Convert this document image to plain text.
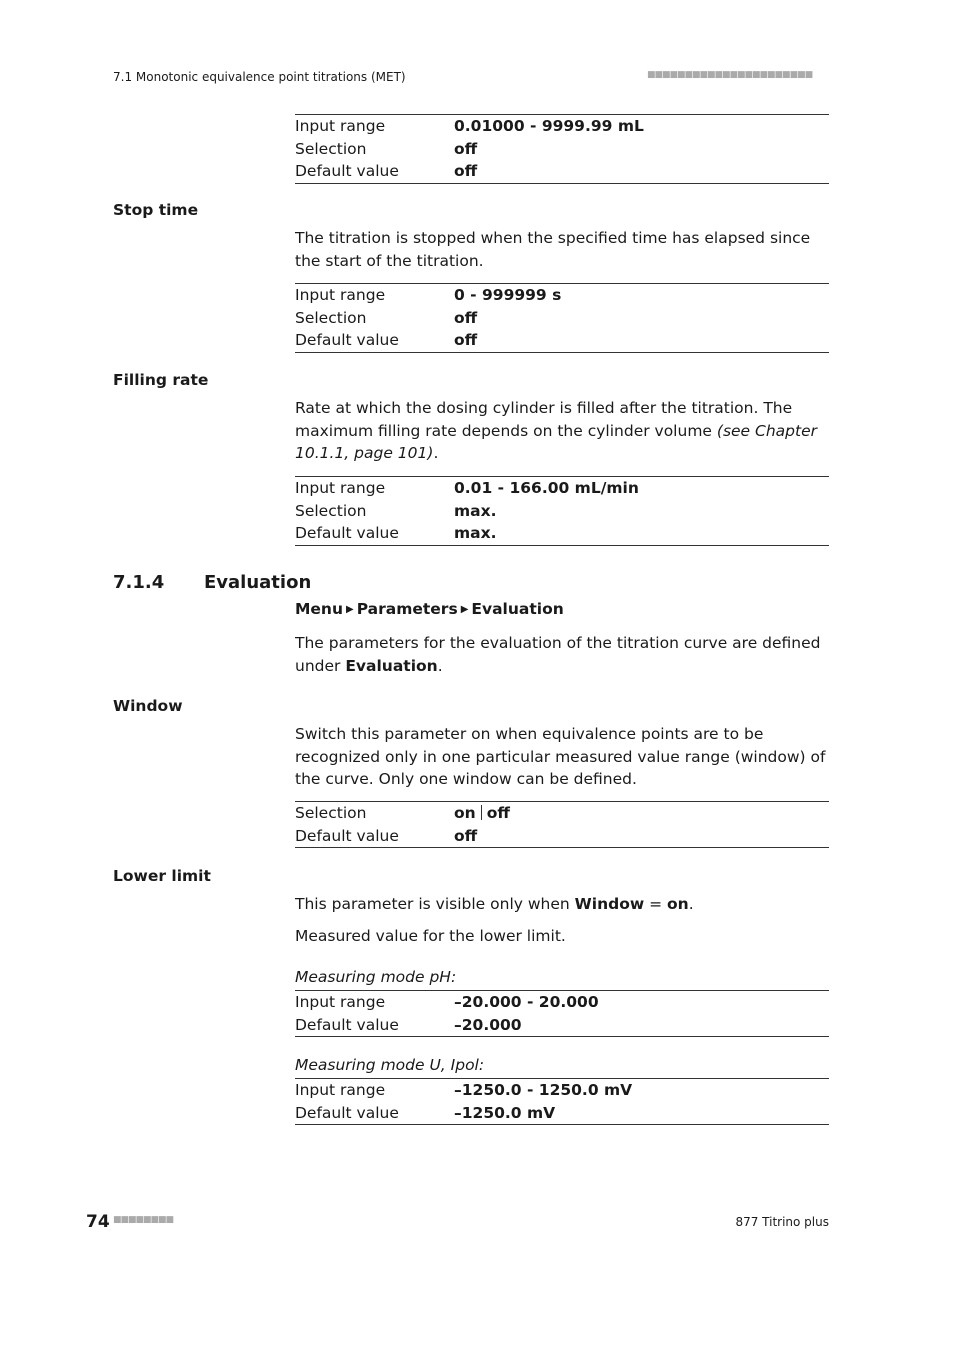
7.1 Monotonic equivalence point titrations (MET)	■■■■■■■■■■■■■■■■■■■■■■
Input range	0.01000 - 9999.99 mL
Selection	off
Default value	off
Stop time
The titration is stopped when the specified time has elapsed since the start of the titration.
Input range	0 - 999999 s
Selection	off
Default value	off
Filling rate
Rate at which the dosing cylinder is filled after the titration. The maximum filling rate depends on the cylinder volume (see Chapter 10.1.1, page 101).
Input range	0.01 - 166.00 mL/min
Selection	max.
Default value	max.
7.1.4 Evaluation
Menu ▶ Parameters ▶ Evaluation
The parameters for the evaluation of the titration curve are defined under Evaluation.
Window
Switch this parameter on when equivalence points are to be recognized only in one particular measured value range (window) of the curve. Only one window can be defined.
Selection	on off
Default value	off
Lower limit
This parameter is visible only when Window = on.
Measured value for the lower limit.
Measuring mode pH:
Input range	–20.000 - 20.000
Default value	–20.000
Measuring mode U, Ipol:
Input range	–1250.0 - 1250.0 mV
Default value	–1250.0 mV
74 ■■■■■■■■	877 Titrino plus
